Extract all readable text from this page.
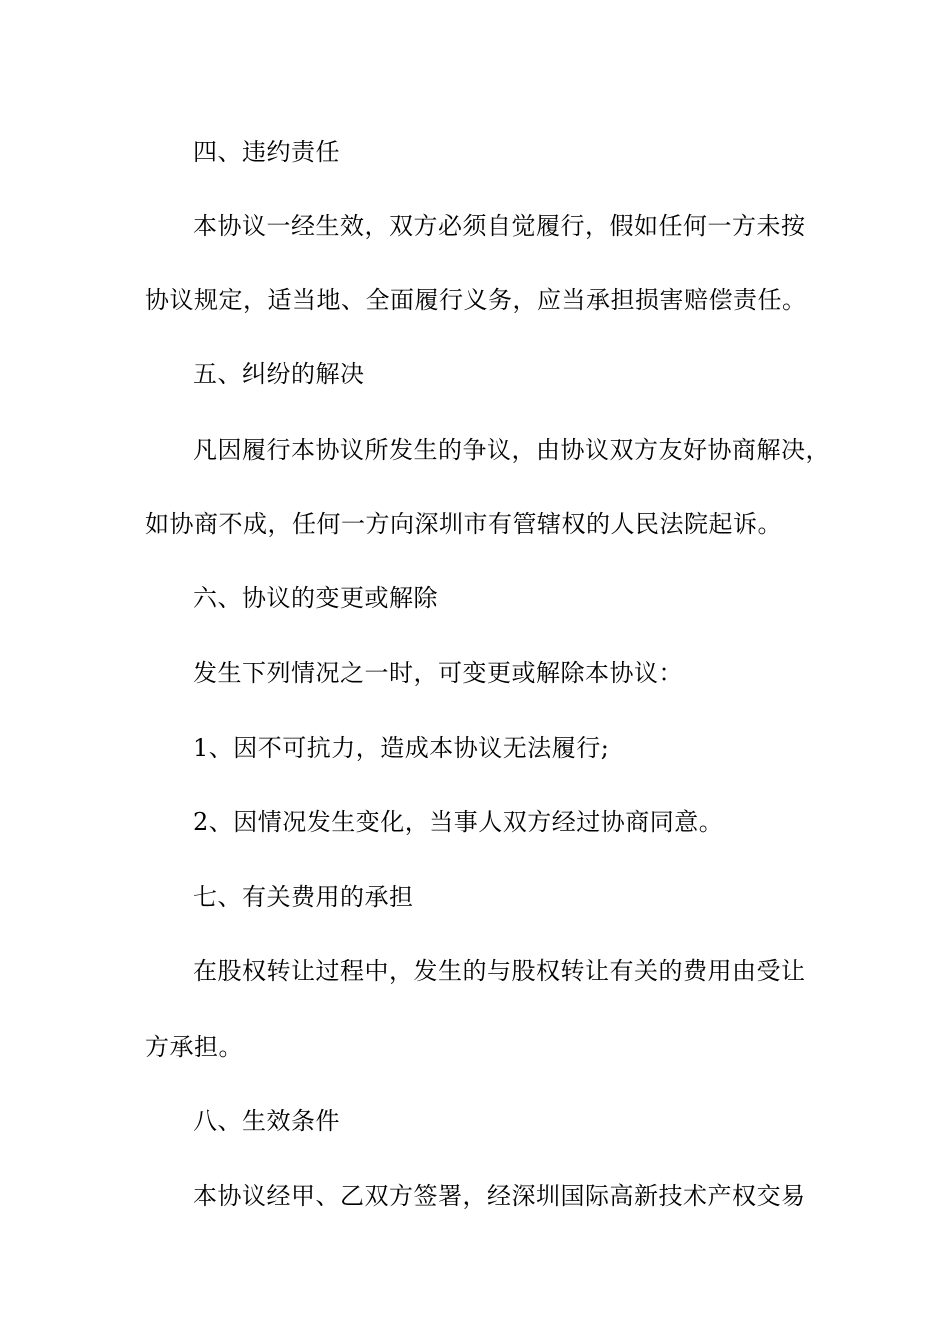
四、违约责任
本协议一经生效，双方必须自觉履行，假如任何一方未按
协议规定，适当地、全面履行义务，应当承担损害赔偿责任。
五、纠纷的解决
凡因履行本协议所发生的争议，由协议双方友好协商解决，
如协商不成，任何一方向深圳市有管辖权的人民法院起诉。
六、协议的变更或解除
发生下列情况之一时，可变更或解除本协议：
1、因不可抗力，造成本协议无法履行;
2、因情况发生变化，当事人双方经过协商同意。
七、有关费用的承担
在股权转让过程中，发生的与股权转让有关的费用由受让
方承担。
八、生效条件
本协议经甲、乙双方签署，经深圳国际高新技术产权交易
